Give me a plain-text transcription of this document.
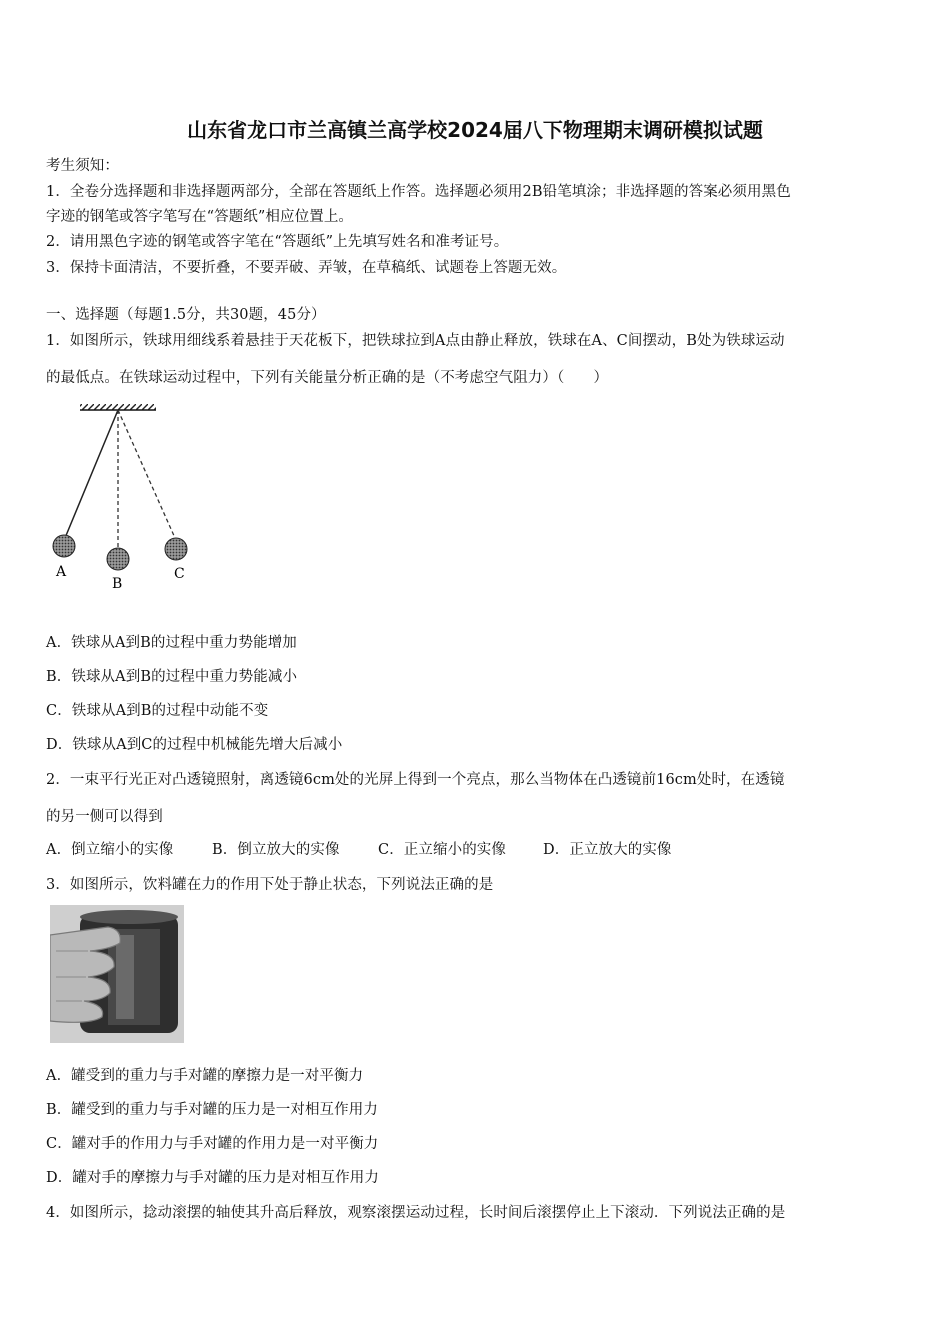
山东省龙口市兰高镇兰高学校2024届八下物理期末调研模拟试题
考生须知：
1．全卷分选择题和非选择题两部分，全部在答题纸上作答。选择题必须用2B铅笔填涂；非选择题的答案必须用黑色
字迹的钢笔或答字笔写在“答题纸”相应位置上。
2．请用黑色字迹的钢笔或答字笔在“答题纸”上先填写姓名和准考证号。
3．保持卡面清洁，不要折叠，不要弄破、弄皱，在草稿纸、试题卷上答题无效。
一、选择题（每题1.5分，共30题，45分）
1．如图所示，铁球用细线系着悬挂于天花板下，把铁球拉到A点由静止释放，铁球在A、C间摆动，B处为铁球运动
的最低点。在铁球运动过程中，下列有关能量分析正确的是（不考虑空气阻力）（　　）
A
B
C
A．铁球从A到B的过程中重力势能增加
B．铁球从A到B的过程中重力势能减小
C．铁球从A到B的过程中动能不变
D．铁球从A到C的过程中机械能先增大后减小
2．一束平行光正对凸透镜照射，离透镜6cm处的光屏上得到一个亮点，那么当物体在凸透镜前16cm处时，在透镜
的另一侧可以得到
A．倒立缩小的实像	B．倒立放大的实像	C．正立缩小的实像	D．正立放大的实像
3．如图所示，饮料罐在力的作用下处于静止状态，下列说法正确的是
A．罐受到的重力与手对罐的摩擦力是一对平衡力
B．罐受到的重力与手对罐的压力是一对相互作用力
C．罐对手的作用力与手对罐的作用力是一对平衡力
D．罐对手的摩擦力与手对罐的压力是对相互作用力
4．如图所示，捻动滚摆的轴使其升高后释放，观察滚摆运动过程，长时间后滚摆停止上下滚动．下列说法正确的是
